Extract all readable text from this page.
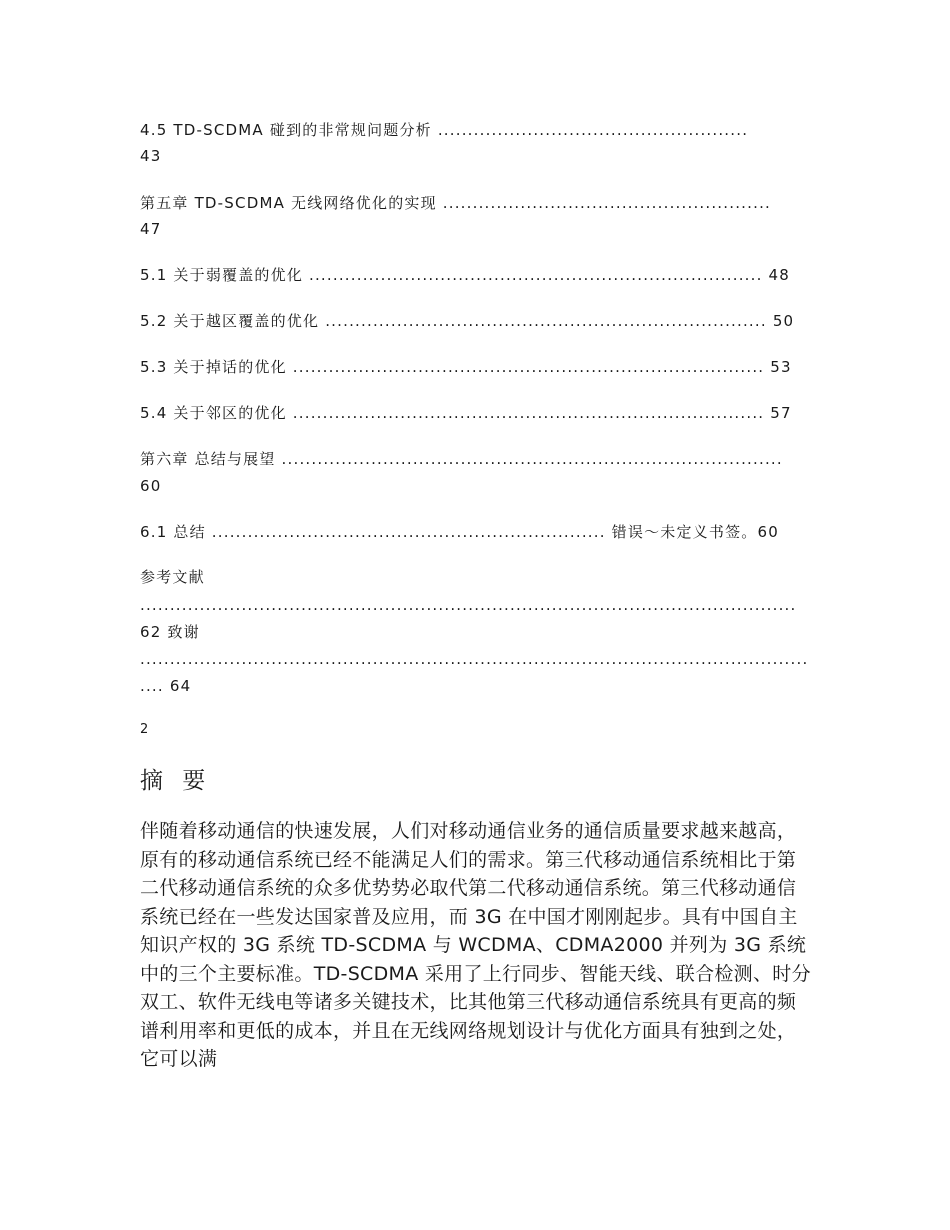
4.5 TD-SCDMA 碰到的非常规问题分析 ....................................................
43
第五章 TD-SCDMA 无线网络优化的实现 .......................................................
47
5.1 关于弱覆盖的优化 ............................................................................ 48
5.2 关于越区覆盖的优化 .......................................................................... 50
5.3 关于掉话的优化 ............................................................................... 53
5.4 关于邻区的优化 ............................................................................... 57
第六章 总结与展望 ....................................................................................
60
6.1 总结 .................................................................. 错误～未定义书签。60
参考文献
..............................................................................................................
62 致谢
................................................................................................................
.... 64
2
摘 要
伴随着移动通信的快速发展，人们对移动通信业务的通信质量要求越来越高，原有的移动通信系统已经不能满足人们的需求。第三代移动通信系统相比于第二代移动通信系统的众多优势势必取代第二代移动通信系统。第三代移动通信系统已经在一些发达国家普及应用，而 3G 在中国才刚刚起步。具有中国自主知识产权的 3G 系统 TD-SCDMA 与 WCDMA、CDMA2000 并列为 3G 系统中的三个主要标准。TD-SCDMA 采用了上行同步、智能天线、联合检测、时分双工、软件无线电等诸多关键技术，比其他第三代移动通信系统具有更高的频谱利用率和更低的成本，并且在无线网络规划设计与优化方面具有独到之处，它可以满
